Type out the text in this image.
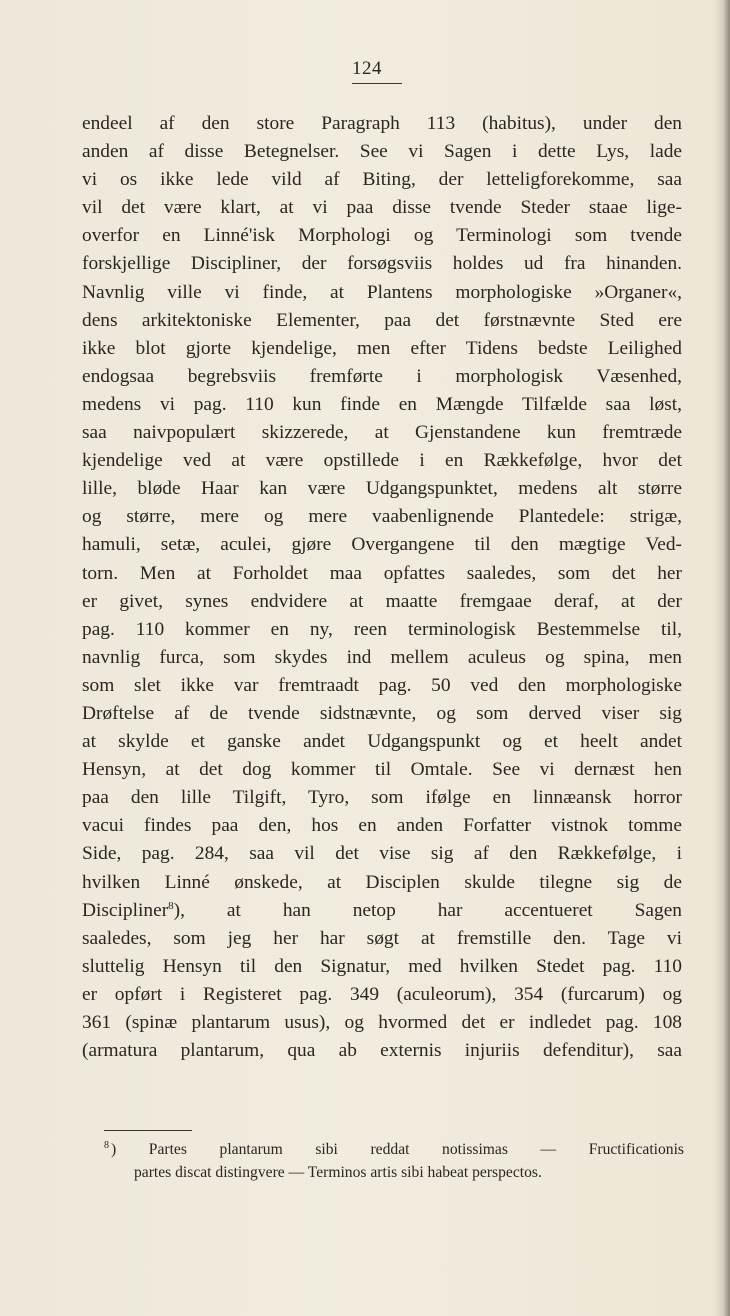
124
endeel af den store Paragraph 113 (habitus), under den
anden af disse Betegnelser. See vi Sagen i dette Lys, lade
vi os ikke lede vild af Biting, der letteligforekomme, saa
vil det være klart, at vi paa disse tvende Steder staae lige-
overfor en Linné'isk Morphologi og Terminologi som tvende
forskjellige Discipliner, der forsøgsviis holdes ud fra hinanden.
Navnlig ville vi finde, at Plantens morphologiske »Organer«,
dens arkitektoniske Elementer, paa det førstnævnte Sted ere
ikke blot gjorte kjendelige, men efter Tidens bedste Leilighed
endogsaa begrebsviis fremførte i morphologisk Væsenhed,
medens vi pag. 110 kun finde en Mængde Tilfælde saa løst,
saa naivpopulært skizzerede, at Gjenstandene kun fremtræde
kjendelige ved at være opstillede i en Rækkefølge, hvor det
lille, bløde Haar kan være Udgangspunktet, medens alt større
og større, mere og mere vaabenlignende Plantedele: strigæ,
hamuli, setæ, aculei, gjøre Overgangene til den mægtige Ved-
torn. Men at Forholdet maa opfattes saaledes, som det her
er givet, synes endvidere at maatte fremgaae deraf, at der
pag. 110 kommer en ny, reen terminologisk Bestemmelse til,
navnlig furca, som skydes ind mellem aculeus og spina, men
som slet ikke var fremtraadt pag. 50 ved den morphologiske
Drøftelse af de tvende sidstnævnte, og som derved viser sig
at skylde et ganske andet Udgangspunkt og et heelt andet
Hensyn, at det dog kommer til Omtale. See vi dernæst hen
paa den lille Tilgift, Tyro, som ifølge en linnæansk horror
vacui findes paa den, hos en anden Forfatter vistnok tomme
Side, pag. 284, saa vil det vise sig af den Rækkefølge, i
hvilken Linné ønskede, at Disciplen skulde tilegne sig de
Discipliner$^8$), at han netop har accentueret Sagen
saaledes, som jeg her har søgt at fremstille den. Tage vi
sluttelig Hensyn til den Signatur, med hvilken Stedet pag. 110
er opført i Registeret pag. 349 (aculeorum), 354 (furcarum) og
361 (spinæ plantarum usus), og hvormed det er indledet pag. 108
(armatura plantarum, qua ab externis injuriis defenditur), saa
$^8$ ) Partes plantarum sibi reddat notissimas — Fructificationis
partes discat distingvere — Terminos artis sibi habeat perspectos.
